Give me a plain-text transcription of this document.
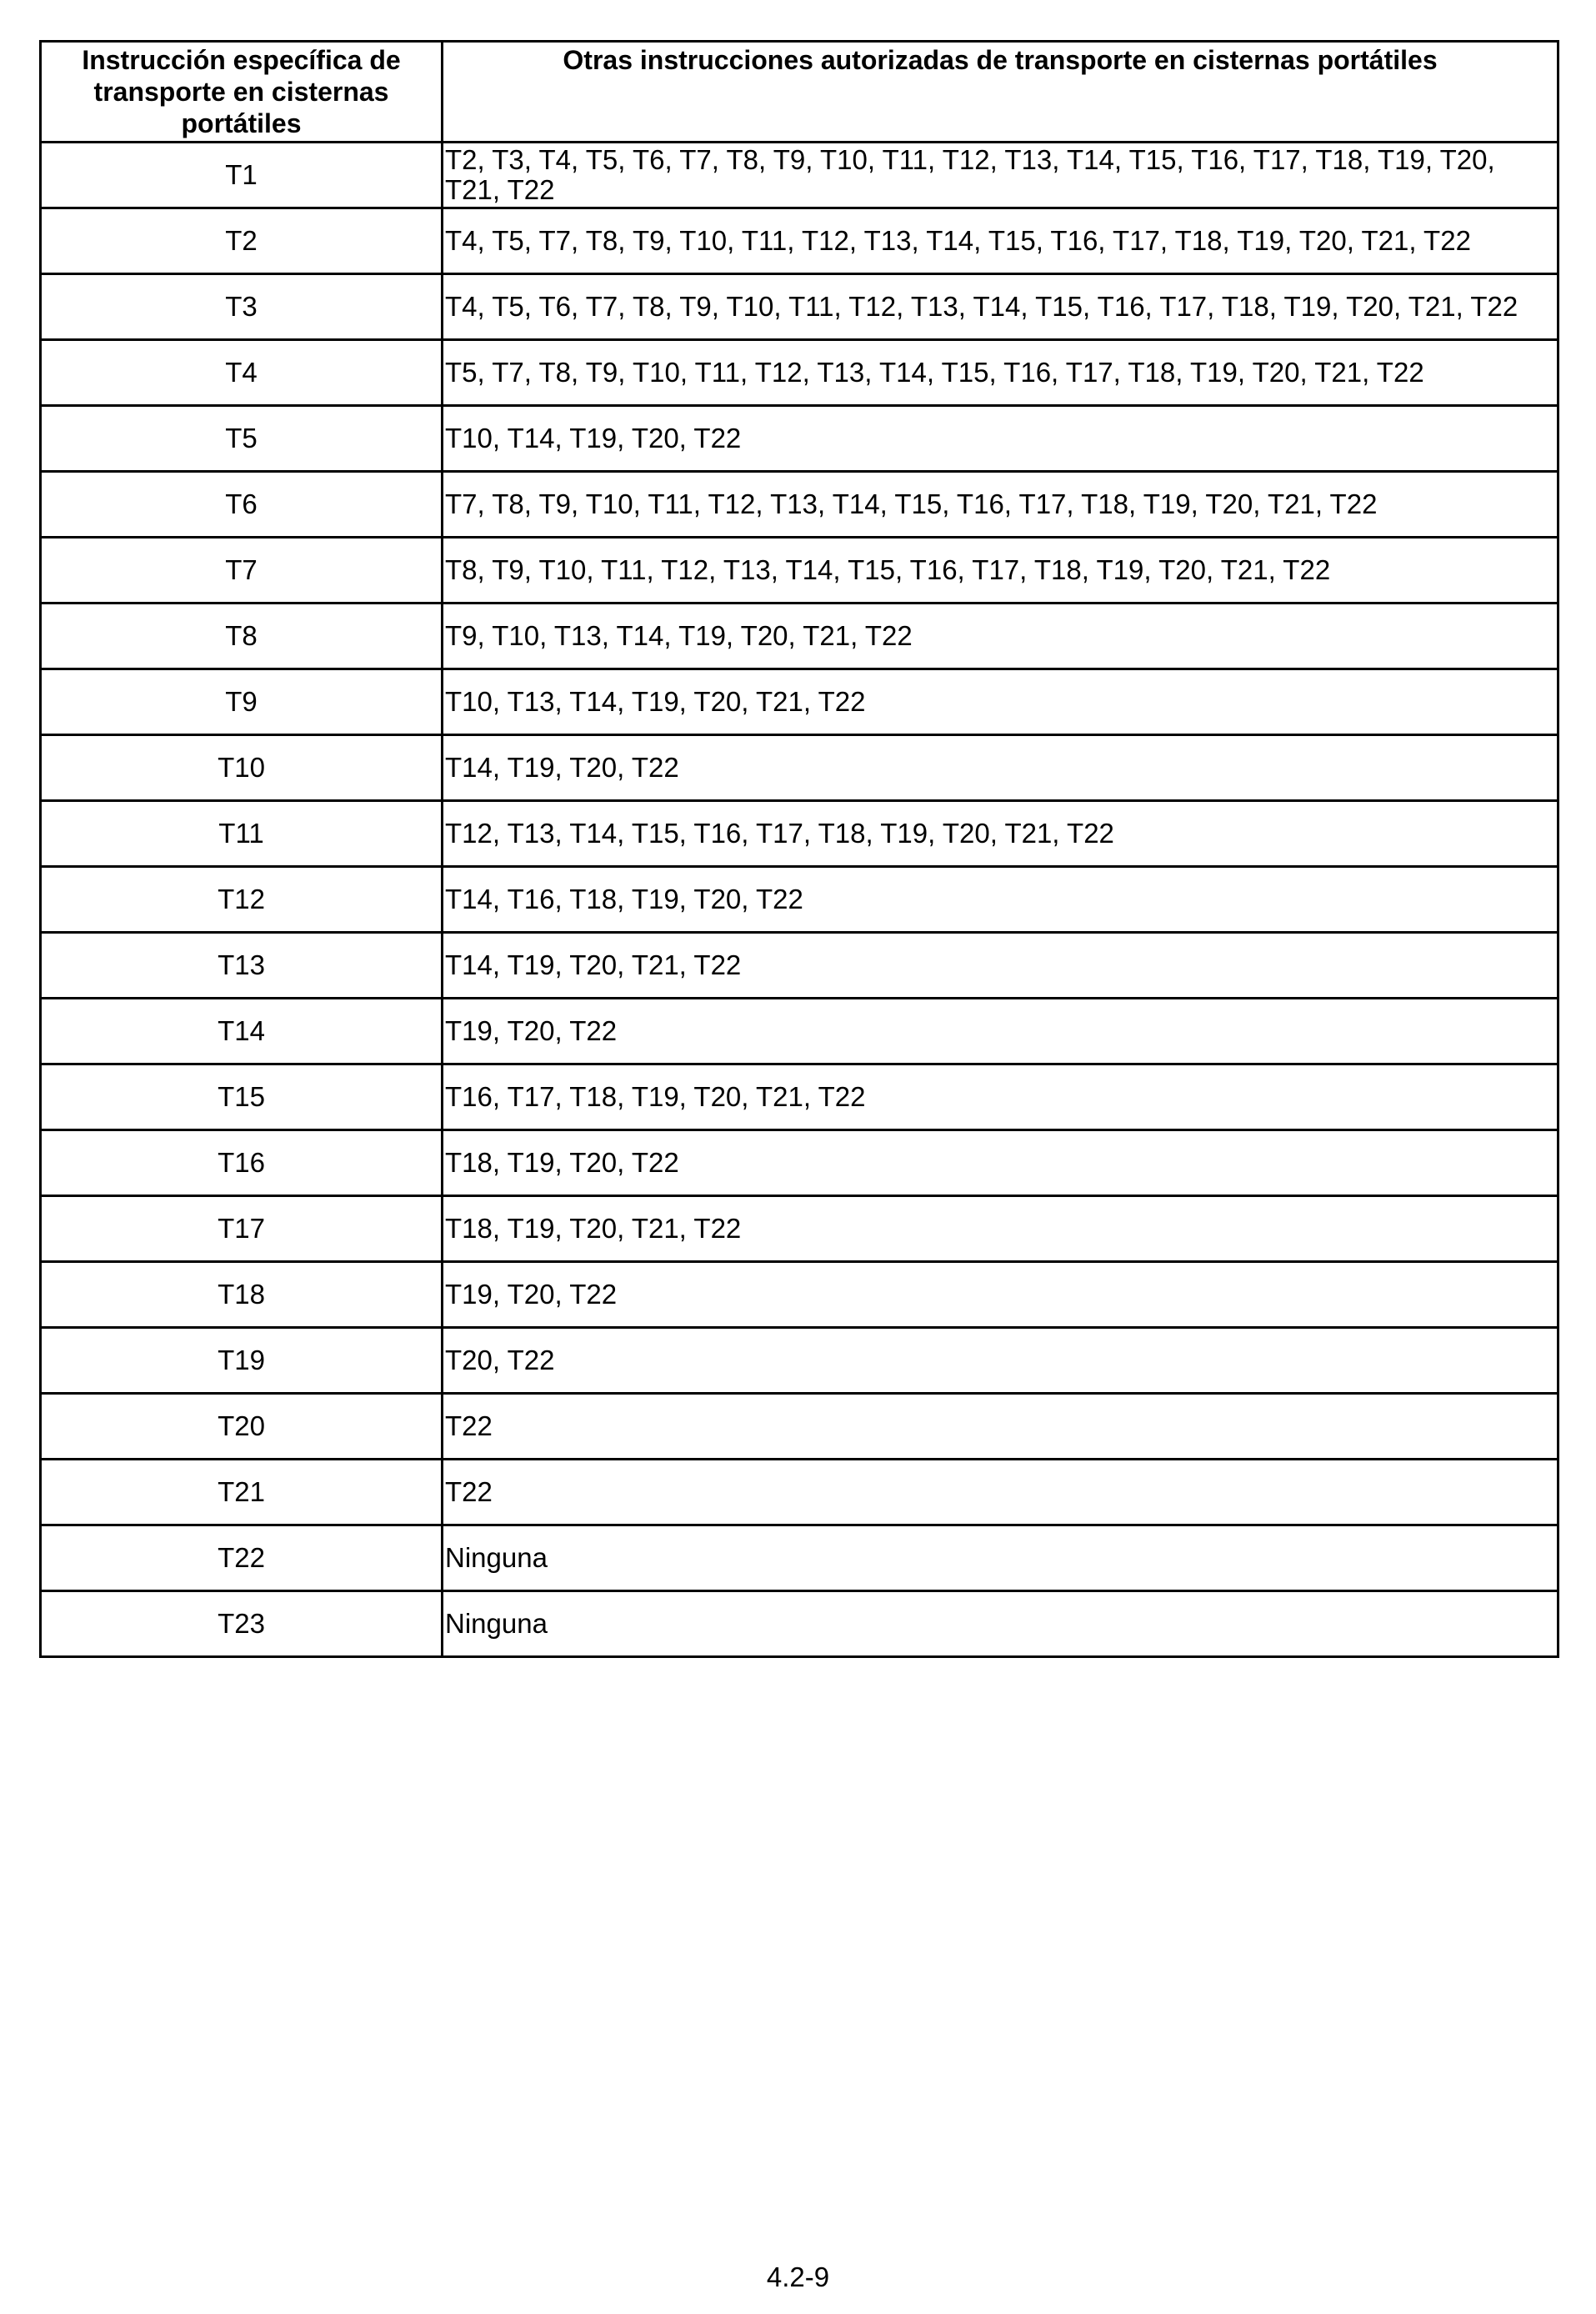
Instrucción específica de transporte en cisternas portátiles	Otras instrucciones autorizadas de transporte en cisternas portátiles
T1	T2, T3, T4, T5, T6, T7, T8, T9, T10, T11, T12, T13, T14, T15, T16, T17, T18, T19, T20, T21, T22
T2	T4, T5, T7, T8, T9, T10, T11, T12, T13, T14, T15, T16, T17, T18, T19, T20, T21, T22
T3	T4, T5, T6, T7, T8, T9, T10, T11, T12, T13, T14, T15, T16, T17, T18, T19, T20, T21, T22
T4	T5, T7, T8, T9, T10, T11, T12, T13, T14, T15, T16, T17, T18, T19, T20, T21, T22
T5	T10, T14, T19, T20, T22
T6	T7, T8, T9, T10, T11, T12, T13, T14, T15, T16, T17, T18, T19, T20, T21, T22
T7	T8, T9, T10, T11, T12, T13, T14, T15, T16, T17, T18, T19, T20, T21, T22
T8	T9, T10, T13, T14, T19, T20, T21, T22
T9	T10, T13, T14, T19, T20, T21, T22
T10	T14, T19, T20, T22
T11	T12, T13, T14, T15, T16, T17, T18, T19, T20, T21, T22
T12	T14, T16, T18, T19, T20, T22
T13	T14, T19, T20, T21, T22
T14	T19, T20, T22
T15	T16, T17, T18, T19, T20, T21, T22
T16	T18, T19, T20, T22
T17	T18, T19, T20, T21, T22
T18	T19, T20, T22
T19	T20, T22
T20	T22
T21	T22
T22	Ninguna
T23	Ninguna
4.2-9
